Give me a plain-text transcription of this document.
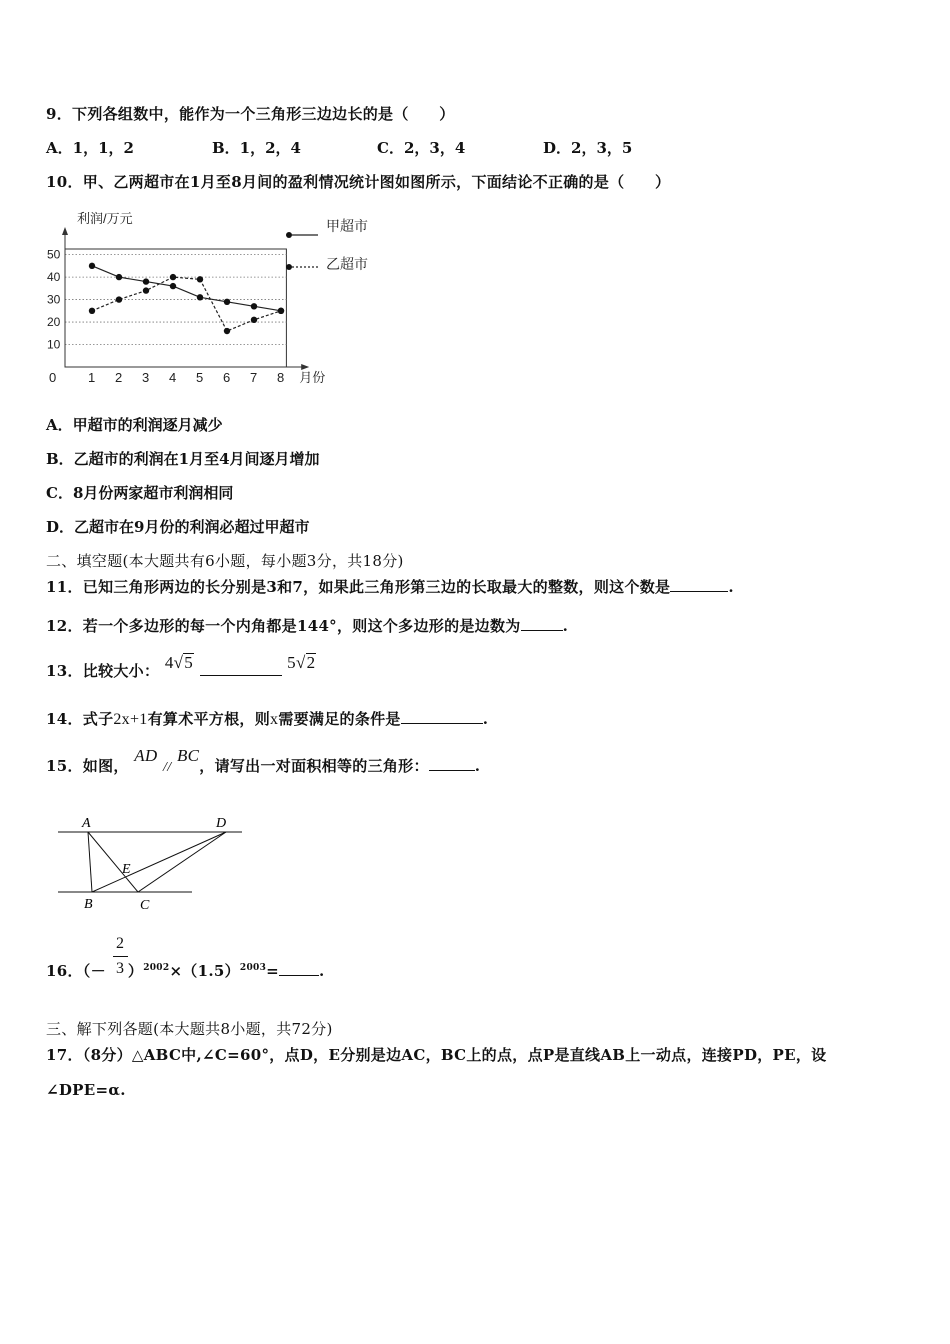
9．下列各组数中，能作为一个三角形三边边长的是（　　）
A．1，1，2	B．1，2，4	C．2，3，4	D．2，3，5
10．甲、乙两超市在1月至8月间的盈利情况统计图如图所示，下面结论不正确的是（　　）
10
20
30
40
50
1 2 3 4 5 6 7 8
0
利润/万元
月份
甲超市
乙超市
A．甲超市的利润逐月减少
B．乙超市的利润在1月至4月间逐月增加
C．8月份两家超市利润相同
D．乙超市在9月份的利润必超过甲超市
二、填空题(本大题共有6小题，每小题3分，共18分)
11．已知三角形两边的长分别是3和7，如果此三角形第三边的长取最大的整数，则这个数是	.
12．若一个多边形的每一个内角都是144°，则这个多边形的是边数为	.
13．比较大小： 4√5	5√2
14．式子2x+1有算术平方根，则x需要满足的条件是	.
15．如图， AD // BC，请写出一对面积相等的三角形：	.
A	D
E
B	C
16．（－ ）$^{2002}\times(1.5)^{2003}=$	.
2
3
三、解下列各题(本大题共8小题，共72分)
17．（8分）△ABC中,∠C=60°，点D，E分别是边AC，BC上的点，点P是直线AB上一动点，连接PD，PE，设
∠DPE=α.
